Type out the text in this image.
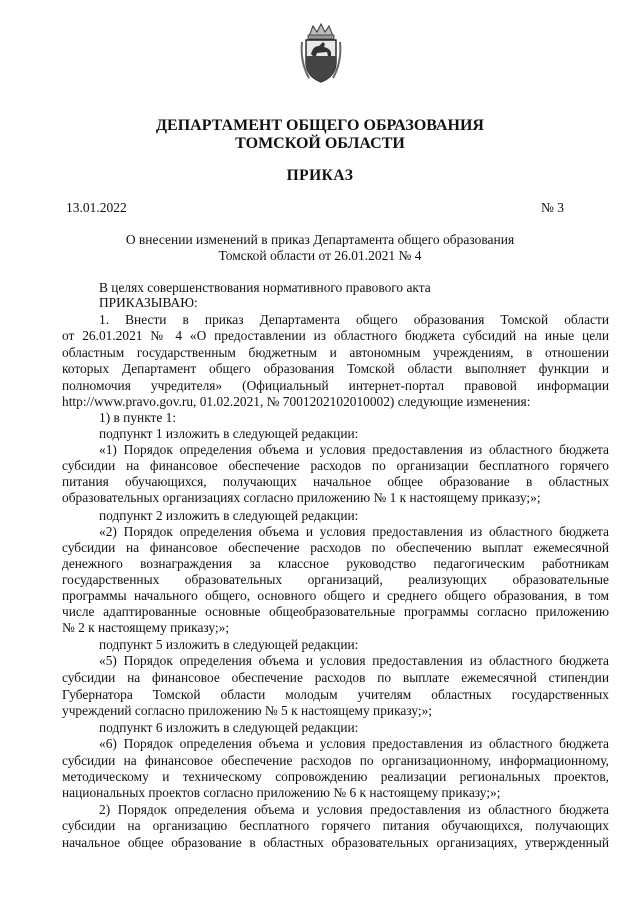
ДЕПАРТАМЕНТ ОБЩЕГО ОБРАЗОВАНИЯ
ТОМСКОЙ ОБЛАСТИ
ПРИКАЗ
13.01.2022	№ 3
О внесении изменений в приказ Департамента общего образования
Томской области от 26.01.2021 № 4
В целях совершенствования нормативного правового акта
ПРИКАЗЫВАЮ:
1. Внести в приказ Департамента общего образования Томской области
от 26.01.2021 № 4 «О предоставлении из областного бюджета субсидий на иные цели
областным государственным бюджетным и автономным учреждениям, в отношении
которых Департамент общего образования Томской области выполняет функции и
полномочия учредителя» (Официальный интернет-портал правовой информации
http://www.pravo.gov.ru, 01.02.2021, № 7001202102010002) следующие изменения:
1) в пункте 1:
подпункт 1 изложить в следующей редакции:
«1) Порядок определения объема и условия предоставления из областного бюджета
субсидии на финансовое обеспечение расходов по организации бесплатного горячего
питания обучающихся, получающих начальное общее образование в областных
образовательных организациях согласно приложению № 1 к настоящему приказу;»;
подпункт 2 изложить в следующей редакции:
«2) Порядок определения объема и условия предоставления из областного бюджета
субсидии на финансовое обеспечение расходов по обеспечению выплат ежемесячной
денежного вознаграждения за классное руководство педагогическим работникам
государственных образовательных организаций, реализующих образовательные
программы начального общего, основного общего и среднего общего образования, в том
числе адаптированные основные общеобразовательные программы согласно приложению
№ 2 к настоящему приказу;»;
подпункт 5 изложить в следующей редакции:
«5) Порядок определения объема и условия предоставления из областного бюджета
субсидии на финансовое обеспечение расходов по выплате ежемесячной стипендии
Губернатора Томской области молодым учителям областных государственных
учреждений согласно приложению № 5 к настоящему приказу;»;
подпункт 6 изложить в следующей редакции:
«6) Порядок определения объема и условия предоставления из областного бюджета
субсидии на финансовое обеспечение расходов по организационному, информационному,
методическому и техническому сопровождению реализации региональных проектов,
национальных проектов согласно приложению № 6 к настоящему приказу;»;
2) Порядок определения объема и условия предоставления из областного бюджета
субсидии на организацию бесплатного горячего питания обучающихся, получающих
начальное общее образование в областных образовательных организациях, утвержденный
